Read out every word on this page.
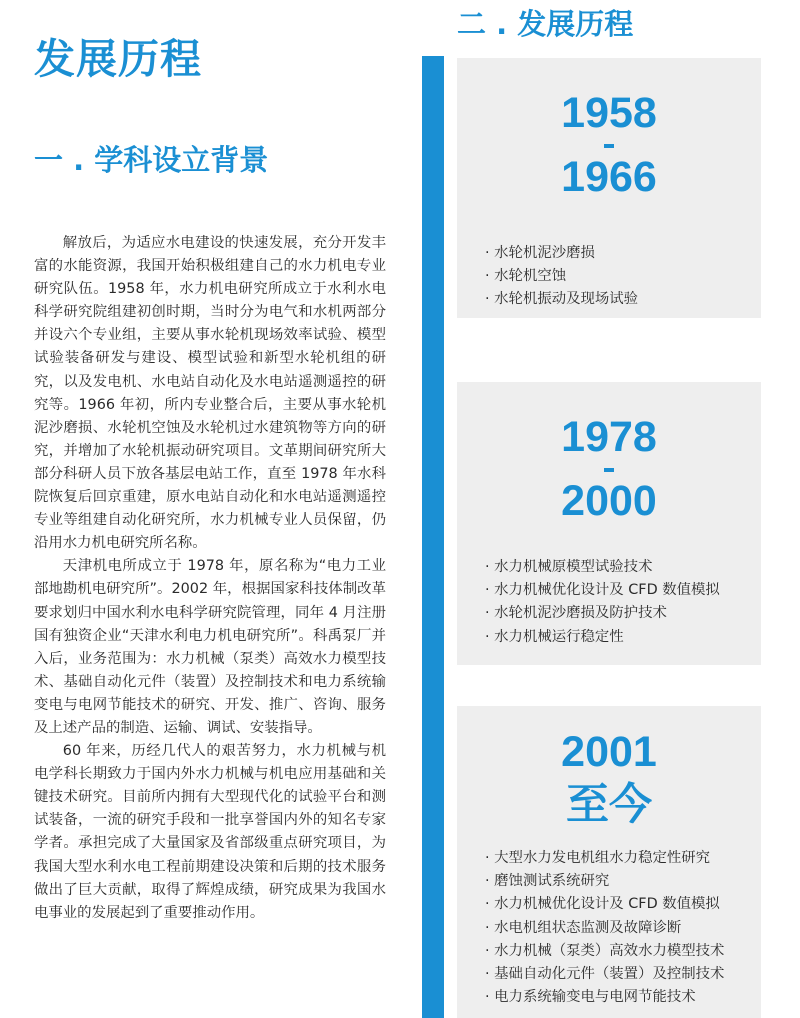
发展历程
一 . 学科设立背景

解放后，为适应水电建设的快速发展，充分开发丰富的水能资源，我国开始积极组建自己的水力机电专业研究队伍。1958 年，水力机电研究所成立于水利水电科学研究院组建初创时期，当时分为电气和水机两部分并设六个专业组，主要从事水轮机现场效率试验、模型试验装备研发与建设、模型试验和新型水轮机组的研究，以及发电机、水电站自动化及水电站遥测遥控的研究等。1966 年初，所内专业整合后，主要从事水轮机泥沙磨损、水轮机空蚀及水轮机过水建筑物等方向的研究，并增加了水轮机振动研究项目。文革期间研究所大部分科研人员下放各基层电站工作，直至 1978 年水科院恢复后回京重建，原水电站自动化和水电站遥测遥控专业等组建自动化研究所，水力机械专业人员保留，仍沿用水力机电研究所名称。

天津机电所成立于 1978 年，原名称为“电力工业部地勘机电研究所”。2002 年，根据国家科技体制改革要求划归中国水利水电科学研究院管理，同年 4 月注册国有独资企业“天津水利电力机电研究所”。科禹泵厂并入后，业务范围为：水力机械（泵类）高效水力模型技术、基础自动化元件（装置）及控制技术和电力系统输变电与电网节能技术的研究、开发、推广、咨询、服务及上述产品的制造、运输、调试、安装指导。

60 年来，历经几代人的艰苦努力，水力机械与机电学科长期致力于国内外水力机械与机电应用基础和关键技术研究。目前所内拥有大型现代化的试验平台和测试装备，一流的研究手段和一批享誉国内外的知名专家学者。承担完成了大量国家及省部级重点研究项目，为我国大型水利水电工程前期建设决策和后期的技术服务做出了巨大贡献，取得了辉煌成绩，研究成果为我国水电事业的发展起到了重要推动作用。

二 . 发展历程
1958
1966
· 水轮机泥沙磨损
· 水轮机空蚀
· 水轮机振动及现场试验
1978
2000
· 水力机械原模型试验技术
· 水力机械优化设计及 CFD 数值模拟
· 水轮机泥沙磨损及防护技术
· 水力机械运行稳定性
2001
至今
· 大型水力发电机组水力稳定性研究
· 磨蚀测试系统研究
· 水力机械优化设计及 CFD 数值模拟
· 水电机组状态监测及故障诊断
· 水力机械（泵类）高效水力模型技术
· 基础自动化元件（装置）及控制技术
· 电力系统输变电与电网节能技术
